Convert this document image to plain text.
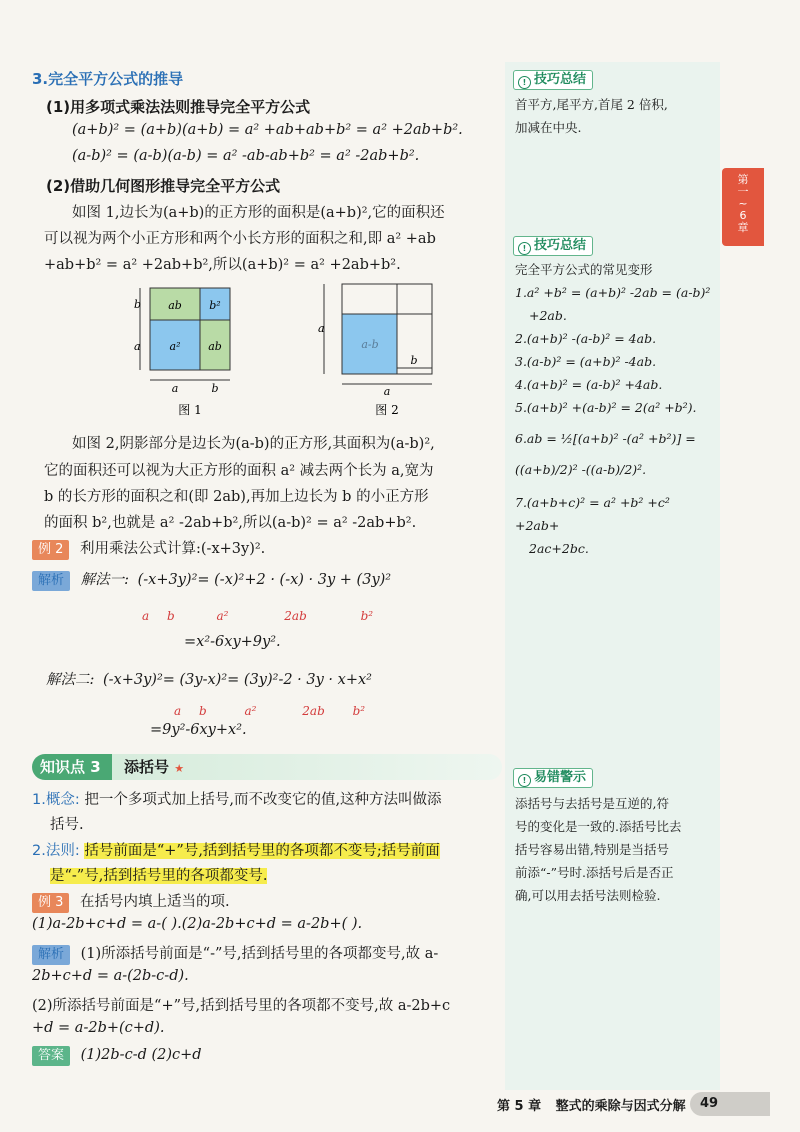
第
一
~
6
章
3.完全平方公式的推导
(1)用多项式乘法法则推导完全平方公式
(a+b)² = (a+b)(a+b) = a² +ab+ab+b² = a² +2ab+b².
(a-b)² = (a-b)(a-b) = a² -ab-ab+b² = a² -2ab+b².
(2)借助几何图形推导完全平方公式
如图 1,边长为(a+b)的正方形的面积是(a+b)²,它的面积还
可以视为两个小正方形和两个小长方形的面积之和,即 a² +ab
+ab+b² = a² +2ab+b²,所以(a+b)² = a² +2ab+b².
ab b²
a²	ab
b
a
a	b
图 1
a-b
a
b
a
图 2
如图 2,阴影部分是边长为(a-b)的正方形,其面积为(a-b)²,
它的面积还可以视为大正方形的面积 a² 减去两个长为 a,宽为
b 的长方形的面积之和(即 2ab),再加上边长为 b 的小正方形
的面积 b²,也就是 a² -2ab+b²,所以(a-b)² = a² -2ab+b².
例 2 利用乘法公式计算:(-x+3y)².
解析 解法一: (-x+3y)²= (-x)²+2 · (-x) · 3y + (3y)²
a b	a²	2ab	b²
=x²-6xy+9y².
解法二: (-x+3y)²= (3y-x)²= (3y)²-2 · 3y · x+x²
a b	a²	2ab b²
=9y²-6xy+x².
知识点 3	添括号 ★
1.概念: 把一个多项式加上括号,而不改变它的值,这种方法叫做添
括号.
2.法则: 括号前面是“+”号,括到括号里的各项都不变号;括号前面
是“-”号,括到括号里的各项都变号.
例 3 在括号内填上适当的项.
(1)a-2b+c+d = a-( ).(2)a-2b+c+d = a-2b+( ).
解析 (1)所添括号前面是“-”号,括到括号里的各项都变号,故 a-
2b+c+d = a-(2b-c-d).
(2)所添括号前面是“+”号,括到括号里的各项都不变号,故 a-2b+c
+d = a-2b+(c+d).
答案 (1)2b-c-d (2)c+d
! 技巧总结
首平方,尾平方,首尾 2 倍积,
加减在中央.
! 技巧总结
完全平方公式的常见变形
1.a² +b² = (a+b)² -2ab = (a-b)²
+2ab.
2.(a+b)² -(a-b)² = 4ab.
3.(a-b)² = (a+b)² -4ab.
4.(a+b)² = (a-b)² +4ab.
5.(a+b)² +(a-b)² = 2(a² +b²).
6.ab = ½[(a+b)² -(a² +b²)] =
((a+b)/2)² -((a-b)/2)².
7.(a+b+c)² = a² +b² +c² +2ab+
2ac+2bc.
! 易错警示
添括号与去括号是互逆的,符
号的变化是一致的.添括号比去
括号容易出错,特别是当括号
前添“-”号时.添括号后是否正
确,可以用去括号法则检验.
第 5 章 整式的乘除与因式分解	49
